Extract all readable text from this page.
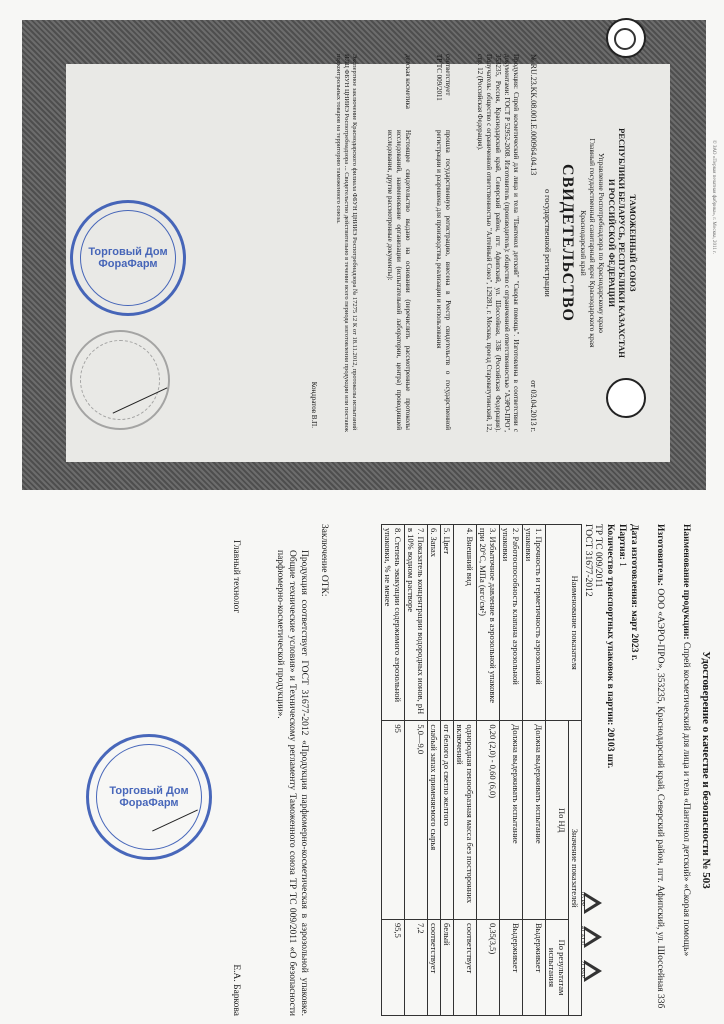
ТАМОЖЕННЫЙ СОЮЗ
РЕСПУБЛИКИ БЕЛАРУСЬ, РЕСПУБЛИКИ КАЗАХСТАН
И РОССИЙСКОЙ ФЕДЕРАЦИИ
Управление Роспотребнадзора по Краснодарскому краю
Главный государственный санитарный врач Краснодарского края
Краснодарский край
СВИДЕТЕЛЬСТВО
о государственной регистрации
№ RU.23.KK.08.001.E.000964.04.13
от 03.04.2013 г.
Продукция: Спрей косметический для лица и тела "Пантенол детский" "Скорая помощь". Изготовлена в соответствии с документами: ГОСТ Р 52952-2008. Изготовитель (производитель): общество с ограниченной ответственностью "АЭРО-ПРО", 353235, Россия, Краснодарский край, Северский район, пгт. Афипский, ул. Шоссейная, 33Б (Российская Федерация). Получатель: общество с ограниченной ответственностью "Алтейный Союз", 129281, г. Москва, проезд Староватутинский, 12, стр. 12 (Российская Федерация).
соответствует
ТР ТС 009/2011
прошла государственную регистрацию, внесена в Реестр свидетельств о государственной регистрации и разрешена для производства, реализации и использования
детская косметика
Настоящее свидетельство выдано на основании (перечислить рассмотренные протоколы исследований, наименование организации (испытательной лаборатории, центра) проводившей исследования, другие рассмотренные документы):
Экспертное заключение Краснодарского филиала ФБУН ЦНИИЭ Роспотребнадзора № 17275 12 К от 18.11.2012, протоколы испытаний ИЛЦ ФБУН ЦНИИЭ Роспотребнадзора ... Свидетельство действительно в течение всего периода изготовления продукции или поставок подконтрольных товаров на территорию таможенного союза.
Кондратов В.П.
Торговый Дом ФораФарм
© ЗАО «Первая печатная фабрика», г. Москва, 2011 г.
Удостоверение о качестве и безопасности № 503
Наименование продукции: Спрей косметический для лица и тела «Пантенол детский» «Скорая помощь»
Изготовитель: ООО «АЭРО-ПРО», 353235, Краснодарский край, Северский район, пгт. Афипский, ул. Шоссейная 33б
Дата изготовления: март 2023 г.
Партия: 1
Количество транспортных упаковок в партии: 20103 шт.
ТР ТС 009/2011
ГОСТ 31677-2012
05 PP
41 ALU
21 PAP
Наименование показателя	Значение показателей	
	По НД	По результатам испытания
1. Прочность и герметичность аэрозольной упаковки	Должна выдерживать испытание	Выдерживает
2. Работоспособность клапана аэрозольной упаковки	Должна выдерживать испытание	Выдерживает
3. Избыточное давление в аэрозольной упаковке при 20°С, МПа (кгс/см²)	0,20 (2,0) - 0,60 (6,0)	0,35(3,5)
4. Внешний вид	однородная пенообразная масса без посторонних включений	соответствует
5. Цвет	от белого до светло желтого	белый
6. Запах	слабый запах применяемого сырья	соответствует
7. Показатель концентрации водородных ионов, pH в 10% водном растворе	5,0—9,0	7,2
8. Степень эвакуации содержимого аэрозольной упаковки, % не менее	95	95,5
Заключение ОТК:
Продукция соответствует ГОСТ 31677-2012 «Продукция парфюмерно-косметическая в аэрозольной упаковке. Общие технические условия» и Техническому регламенту Таможенного союза ТР ТС 009/2011 «О безопасности парфюмерно-косметической продукции».
Главный технолог
Е.А. Баркова
Торговый Дом ФораФарм
